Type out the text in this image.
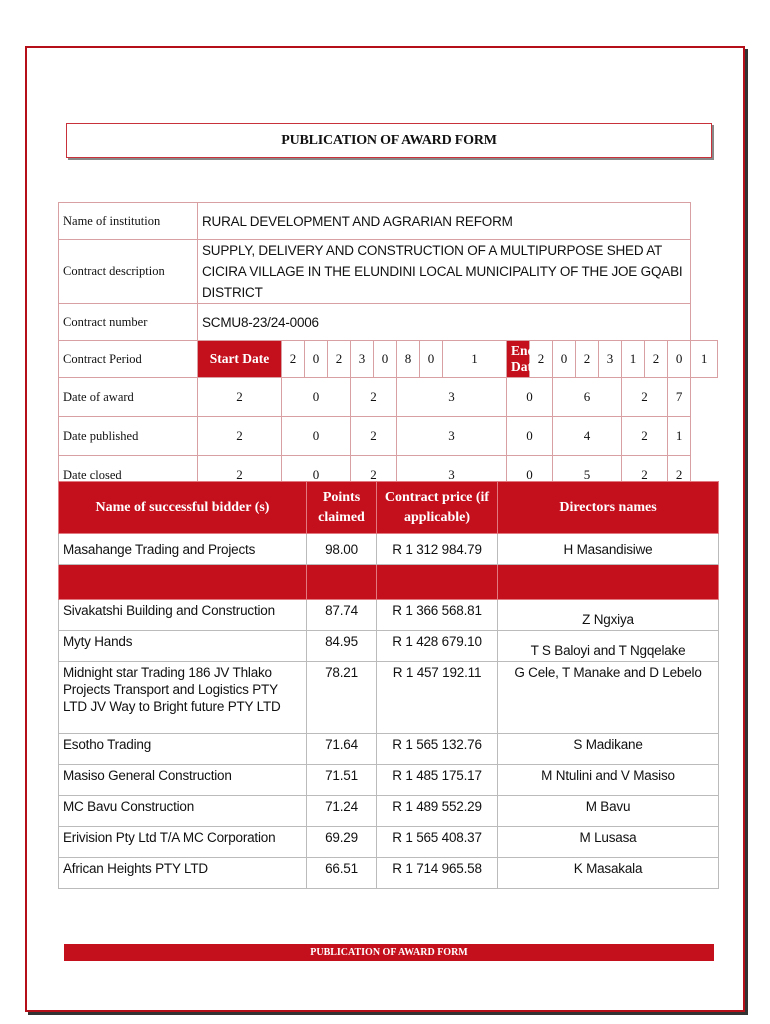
PUBLICATION OF AWARD FORM
Name of institution	RURAL DEVELOPMENT AND AGRARIAN REFORM																	
Contract description	SUPPLY, DELIVERY AND CONSTRUCTION OF A MULTIPURPOSE SHED AT CICIRA VILLAGE IN THE ELUNDINI LOCAL MUNICIPALITY OF THE JOE GQABI DISTRICT																	
Contract number	SCMU8-23/24-0006																	
Contract Period	Start Date	2	0	2	3	0	8	0	1	End Date	2	0	2	3	1	2	0	1
Date of award	2	0			2		3			0		6			2		7	
Date published	2	0			2		3			0		4			2		1	
Date closed	2	0			2		3			0		5			2		2	
Name of successful bidder (s)	Points claimed	Contract price (if applicable)	Directors names
Masahange Trading and Projects	98.00	R 1 312 984.79	H Masandisiwe

Sivakatshi Building and Construction	87.74	R 1 366 568.81	Z Ngxiya
Myty Hands	84.95	R 1 428 679.10	T S Baloyi and T Ngqelake
Midnight star Trading 186 JV Thlako Projects Transport and Logistics PTY LTD JV Way to Bright future PTY LTD	78.21	R 1 457 192.11	G Cele, T Manake and D Lebelo
Esotho Trading	71.64	R 1 565 132.76	S Madikane
Masiso General Construction	71.51	R 1 485 175.17	M Ntulini and V Masiso
MC Bavu Construction	71.24	R 1 489 552.29	M Bavu
Erivision Pty Ltd T/A MC Corporation	69.29	R 1 565 408.37	M Lusasa
African Heights PTY LTD	66.51	R 1 714 965.58	K Masakala
PUBLICATION OF AWARD FORM
